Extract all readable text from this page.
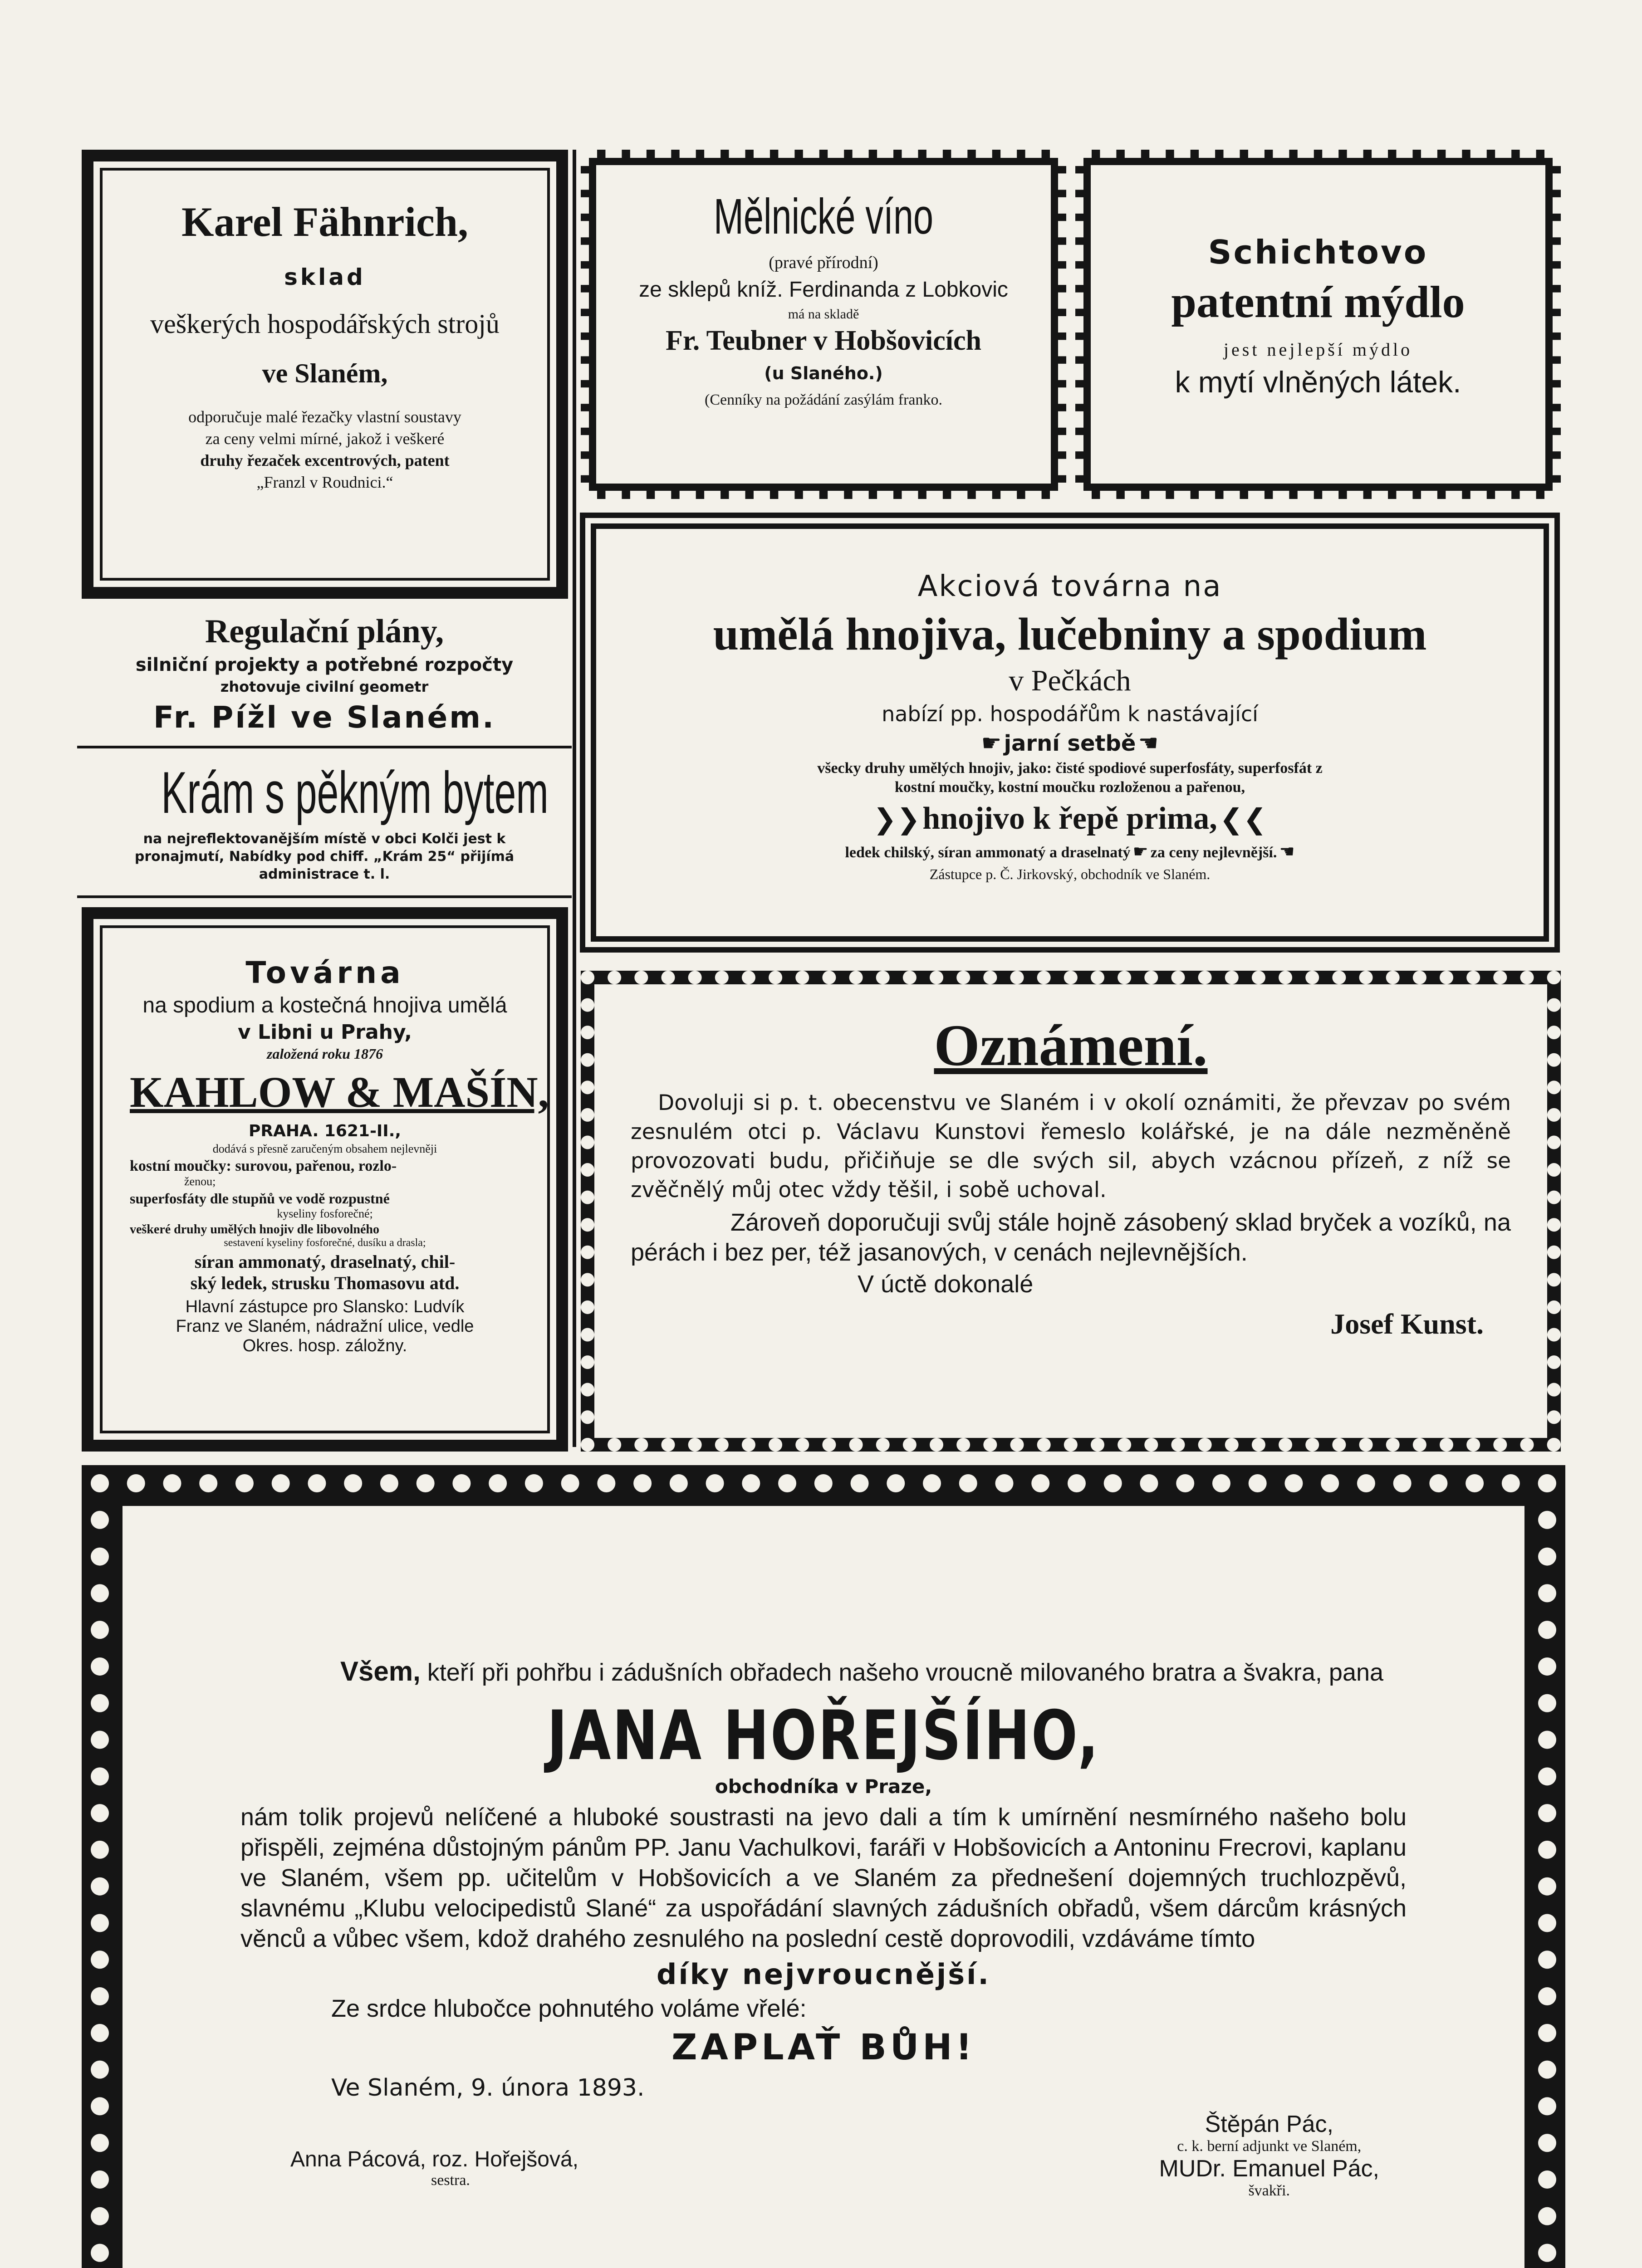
Karel Fähnrich,
sklad
veškerých hospodářských strojů
ve Slaném,
odporučuje malé řezačky vlastní soustavy
za ceny velmi mírné, jakož i veškeré
druhy řezaček excentrových, patent
„Franzl v Roudnici.“
Mělnické víno
(pravé přírodní)
ze sklepů kníž. Ferdinanda z Lobkovic
má na skladě
Fr. Teubner v Hobšovicích
(u Slaného.)
(Cenníky na požádání zasýlám franko.
Schichtovo
patentní mýdlo
jest nejlepší mýdlo
k mytí vlněných látek.
Regulační plány,
silniční projekty a potřebné rozpočty
zhotovuje civilní geometr
Fr. Pížl ve Slaném.
Krám s pěkným bytem
na nejreflektovanějším místě v obci Kolči jest k
pronajmutí, Nabídky pod chiff. „Krám 25“ přijímá
administrace t. l.
Akciová továrna na
umělá hnojiva, lučebniny a spodium
v Pečkách
nabízí pp. hospodářům k nastávající
☛ jarní setbě ☚
všecky druhy umělých hnojiv, jako: čisté spodiové superfosfáty, superfosfát z
kostní moučky, kostní moučku rozloženou a pařenou,
❯❯ hnojivo k řepě prima, ❮❮
ledek chilský, síran ammonatý a draselnatý ☛ za ceny nejlevnější. ☚
Zástupce p. Č. Jirkovský, obchodník ve Slaném.
Továrna
na spodium a kostečná hnojiva umělá
v Libni u Prahy,
založená roku 1876
KAHLOW & MAŠÍN,
PRAHA. 1621-II.,
dodává s přesně zaručeným obsahem nejlevněji
kostní moučky: surovou, pařenou, rozlo-
ženou;
superfosfáty dle stupňů ve vodě rozpustné
kyseliny fosforečné;
veškeré druhy umělých hnojiv dle libovolného
sestavení kyseliny fosforečné, dusíku a drasla;
síran ammonatý, draselnatý, chil-
ský ledek, strusku Thomasovu atd.
Hlavní zástupce pro Slansko: Ludvík
Franz ve Slaném, nádražní ulice, vedle
Okres. hosp. záložny.
Oznámení.
Dovoluji si p. t. obecenstvu ve Slaném i v okolí oznámiti, že převzav po svém zesnulém otci p. Václavu Kunstovi řemeslo kolářské, je na dále nezměněně provozovati budu, přičiňuje se dle svých sil, abych vzácnou přízeň, z níž se zvěčnělý můj otec vždy těšil, i sobě uchoval.
Zároveň doporučuji svůj stále hojně zásobený sklad bryček a vozíků, na pérách i bez per, též jasanových, v cenách nejlevnějších.
V úctě dokonalé
Josef Kunst.
Všem, kteří při pohřbu i zádušních obřadech našeho vroucně milovaného bratra a švakra, pana
JANA HOŘEJŠÍHO,
obchodníka v Praze,
nám tolik projevů nelíčené a hluboké soustrasti na jevo dali a tím k umírnění nesmírného našeho bolu přispěli, zejména důstojným pánům PP. Janu Vachulkovi, faráři v Hobšovicích a Antoninu Frecrovi, kaplanu ve Slaném, všem pp. učitelům v Hobšovicích a ve Slaném za přednešení dojemných truchlozpěvů, slavnému „Klubu velocipedistů Slané“ za uspořádání slavných zádušních obřadů, všem dárcům krásných věnců a vůbec všem, kdož drahého zesnulého na poslední cestě doprovodili, vzdáváme tímto
díky nejvroucnější.
Ze srdce hlubočce pohnutého voláme vřelé:
ZAPLAŤ BŮH!
Ve Slaném, 9. února 1893.
Anna Pácová, roz. Hořejšová,
sestra.
Štěpán Pác,
c. k. berní adjunkt ve Slaném,
MUDr. Emanuel Pác,
švakři.
